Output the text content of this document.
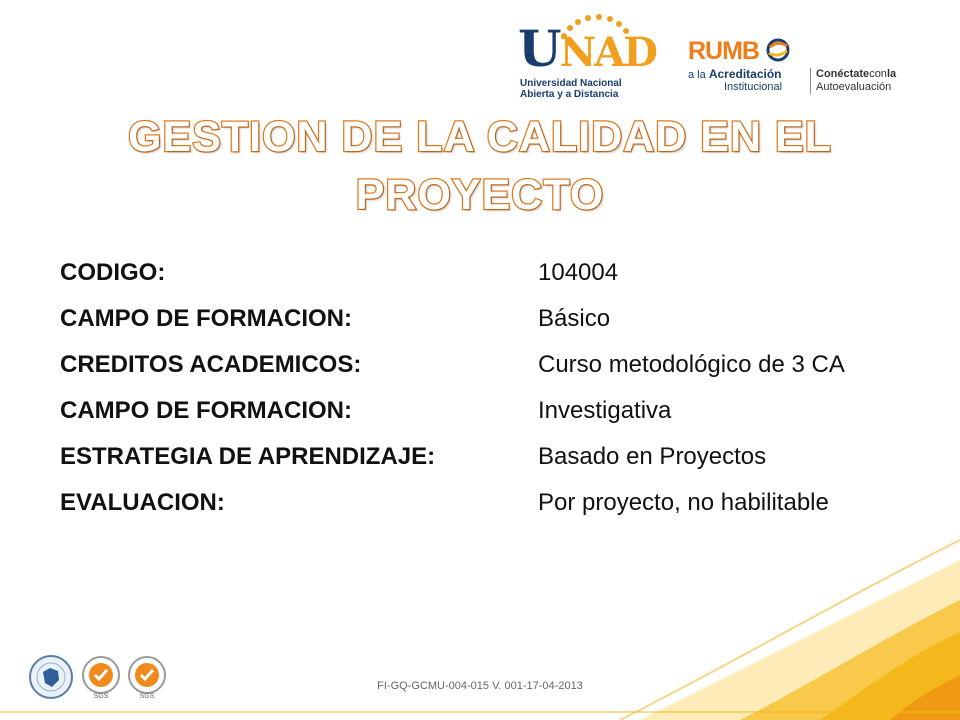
UNAD
Universidad Nacional
Abierta y a Distancia
RUMB
a la Acreditación
Institucional
Conéctateconla
Autoevaluación
GESTION DE LA CALIDAD EN EL
PROYECTO
CODIGO:	104004
CAMPO DE FORMACION:	Básico
CREDITOS ACADEMICOS:	Curso metodológico de 3 CA
CAMPO DE FORMACION:	Investigativa
ESTRATEGIA DE APRENDIZAJE:	Basado en Proyectos
EVALUACION:	Por proyecto, no habilitable
SGS	SGS
FI-GQ-GCMU-004-015 V. 001-17-04-2013
